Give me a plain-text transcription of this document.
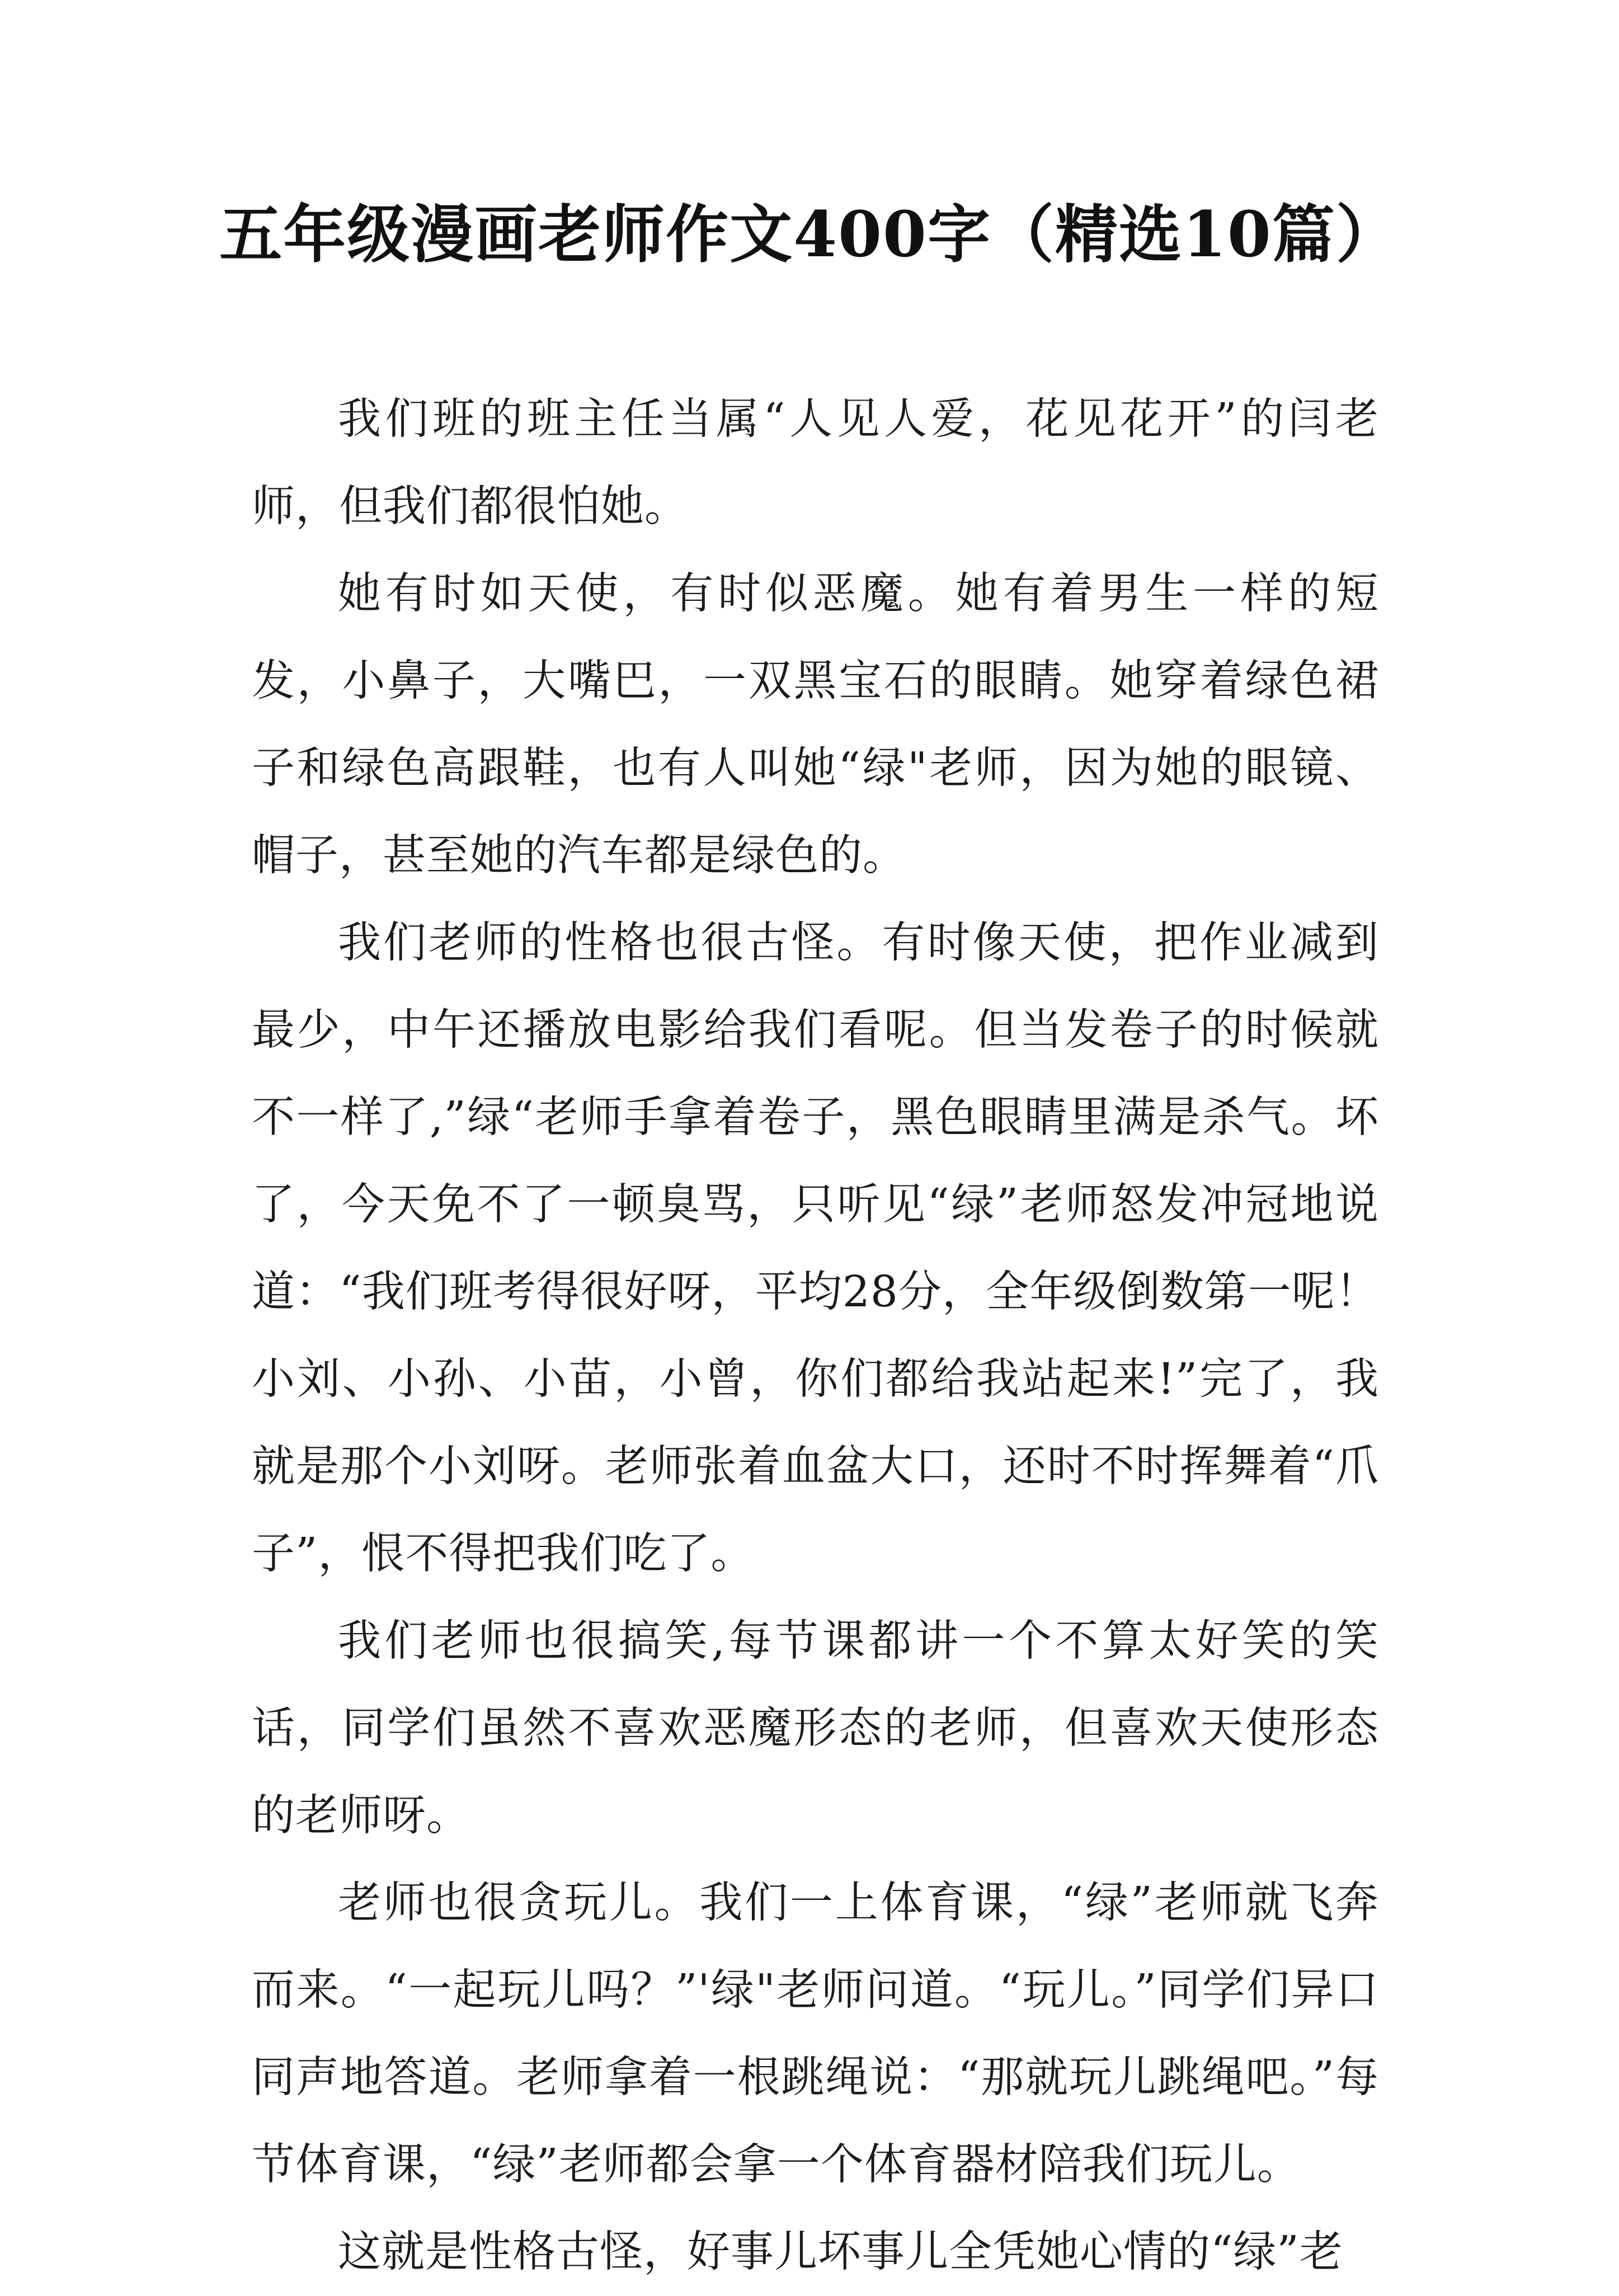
五年级漫画老师作文400字（精选10篇）

我们班的班主任当属“人见人爱，花见花开”的闫老师，但我们都很怕她。

她有时如天使，有时似恶魔。她有着男生一样的短发，小鼻子，大嘴巴，一双黑宝石的眼睛。她穿着绿色裙子和绿色高跟鞋，也有人叫她“绿"老师，因为她的眼镜、帽子，甚至她的汽车都是绿色的。

我们老师的性格也很古怪。有时像天使，把作业减到最少，中午还播放电影给我们看呢。但当发卷子的时候就不一样了,”绿“老师手拿着卷子，黑色眼睛里满是杀气。坏了，今天免不了一顿臭骂，只听见“绿”老师怒发冲冠地说道：“我们班考得很好呀，平均28分，全年级倒数第一呢！小刘、小孙、小苗，小曾，你们都给我站起来!”完了，我就是那个小刘呀。老师张着血盆大口，还时不时挥舞着“爪子”，恨不得把我们吃了。

我们老师也很搞笑,每节课都讲一个不算太好笑的笑话，同学们虽然不喜欢恶魔形态的老师，但喜欢天使形态的老师呀。

老师也很贪玩儿。我们一上体育课，“绿”老师就飞奔而来。“一起玩儿吗？”'绿"老师问道。“玩儿。”同学们异口同声地答道。老师拿着一根跳绳说：“那就玩儿跳绳吧。”每节体育课，“绿”老师都会拿一个体育器材陪我们玩儿。

这就是性格古怪，好事儿坏事儿全凭她心情的“绿”老
